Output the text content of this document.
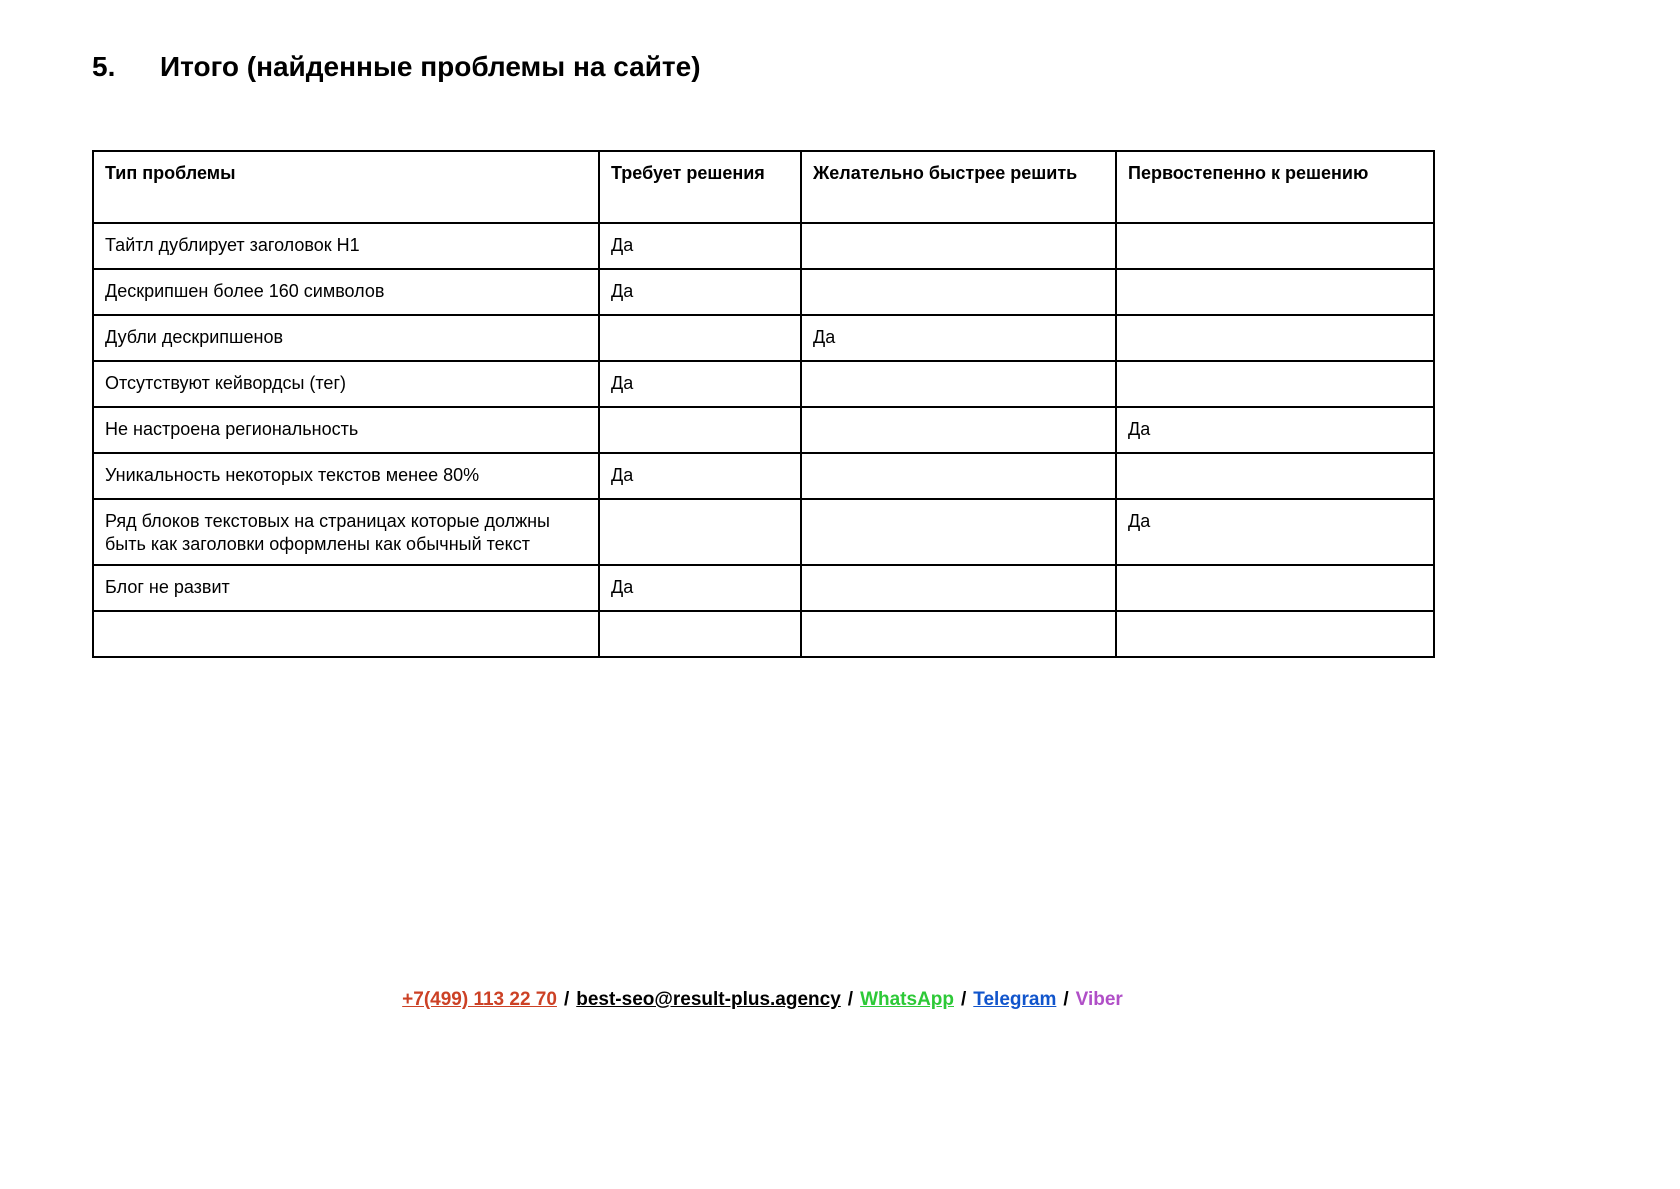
5.	Итого (найденные проблемы на сайте)
Тип проблемы	Требует решения	Желательно быстрее решить	Первостепенно к решению
Тайтл дублирует заголовок H1	Да		
Дескрипшен более 160 символов	Да		
Дубли дескрипшенов		Да	
Отсутствуют кейвордсы (тег)	Да		
Не настроена региональность			Да
Уникальность некоторых текстов менее 80%	Да		
Ряд блоков текстовых на страницах которые должны быть как заголовки оформлены как обычный текст			Да
Блог не развит	Да		

+7(499) 113 22 70 / best-seo@result-plus.agency / WhatsApp / Telegram / Viber
